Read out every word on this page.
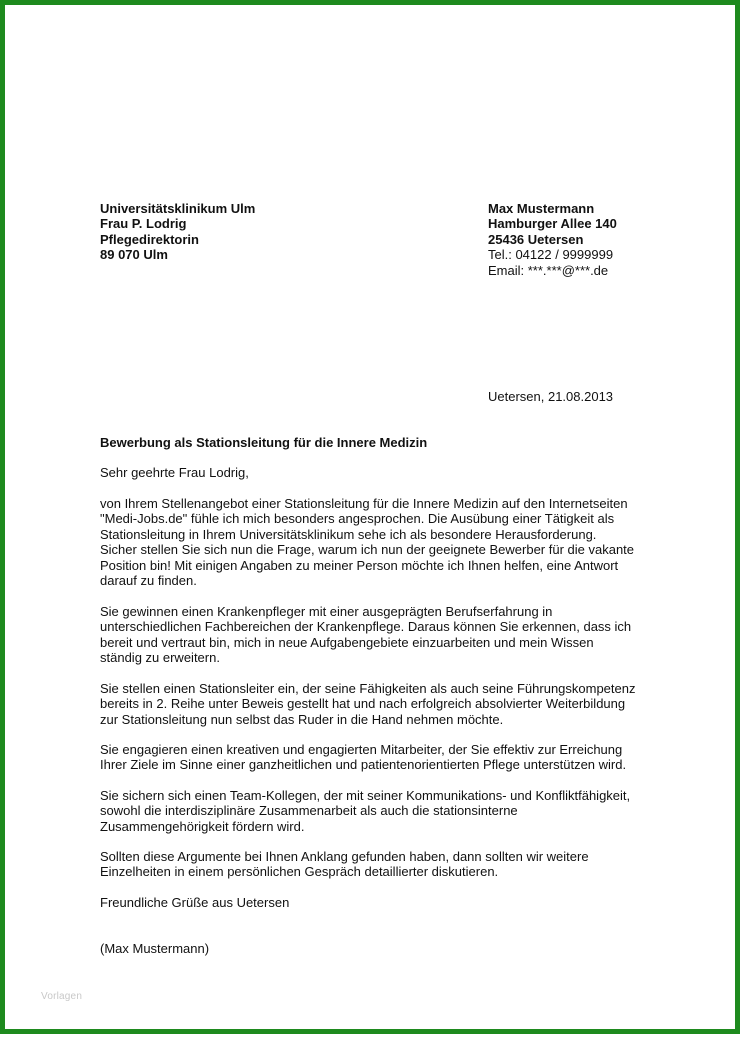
Universitätsklinikum Ulm
Frau P. Lodrig
Pflegedirektorin
89 070 Ulm
Max Mustermann
Hamburger Allee 140
25436 Uetersen
Tel.: 04122 / 9999999
Email: ***.***@***.de
Uetersen, 21.08.2013
Bewerbung als Stationsleitung für die Innere Medizin
Sehr geehrte Frau Lodrig,
von Ihrem Stellenangebot einer Stationsleitung für die Innere Medizin auf den Internetseiten
"Medi-Jobs.de" fühle ich mich besonders angesprochen. Die Ausübung einer Tätigkeit als
Stationsleitung in Ihrem Universitätsklinikum sehe ich als besondere Herausforderung.
Sicher stellen Sie sich nun die Frage, warum ich nun der geeignete Bewerber für die vakante
Position bin! Mit einigen Angaben zu meiner Person möchte ich Ihnen helfen, eine Antwort
darauf zu finden.
Sie gewinnen einen Krankenpfleger mit einer ausgeprägten Berufserfahrung in
unterschiedlichen Fachbereichen der Krankenpflege. Daraus können Sie erkennen, dass ich
bereit und vertraut bin, mich in neue Aufgabengebiete einzuarbeiten und mein Wissen
ständig zu erweitern.
Sie stellen einen Stationsleiter ein, der seine Fähigkeiten als auch seine Führungskompetenz
bereits in 2. Reihe unter Beweis gestellt hat und nach erfolgreich absolvierter Weiterbildung
zur Stationsleitung nun selbst das Ruder in die Hand nehmen möchte.
Sie engagieren einen kreativen und engagierten Mitarbeiter, der Sie effektiv zur Erreichung
Ihrer Ziele im Sinne einer ganzheitlichen und patientenorientierten Pflege unterstützen wird.
Sie sichern sich einen Team-Kollegen, der mit seiner Kommunikations- und Konfliktfähigkeit,
sowohl die interdisziplinäre Zusammenarbeit als auch die stationsinterne
Zusammengehörigkeit fördern wird.
Sollten diese Argumente bei Ihnen Anklang gefunden haben, dann sollten wir weitere
Einzelheiten in einem persönlichen Gespräch detaillierter diskutieren.
Freundliche Grüße aus Uetersen
(Max Mustermann)
Vorlagen
